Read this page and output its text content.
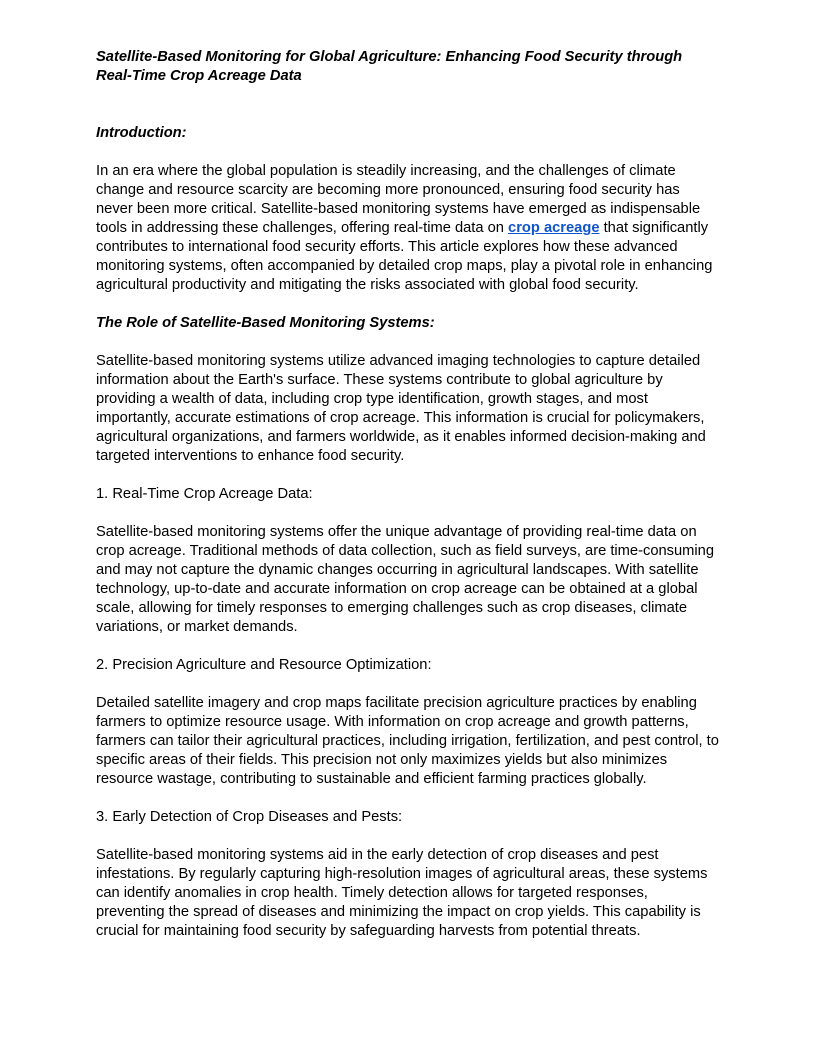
Satellite-Based Monitoring for Global Agriculture: Enhancing Food Security through Real-Time Crop Acreage Data
Introduction:

In an era where the global population is steadily increasing, and the challenges of climate change and resource scarcity are becoming more pronounced, ensuring food security has never been more critical. Satellite-based monitoring systems have emerged as indispensable tools in addressing these challenges, offering real-time data on crop acreage that significantly contributes to international food security efforts. This article explores how these advanced monitoring systems, often accompanied by detailed crop maps, play a pivotal role in enhancing agricultural productivity and mitigating the risks associated with global food security.

The Role of Satellite-Based Monitoring Systems:

Satellite-based monitoring systems utilize advanced imaging technologies to capture detailed information about the Earth's surface. These systems contribute to global agriculture by providing a wealth of data, including crop type identification, growth stages, and most importantly, accurate estimations of crop acreage. This information is crucial for policymakers, agricultural organizations, and farmers worldwide, as it enables informed decision-making and targeted interventions to enhance food security.

1. Real-Time Crop Acreage Data:

Satellite-based monitoring systems offer the unique advantage of providing real-time data on crop acreage. Traditional methods of data collection, such as field surveys, are time-consuming and may not capture the dynamic changes occurring in agricultural landscapes. With satellite technology, up-to-date and accurate information on crop acreage can be obtained at a global scale, allowing for timely responses to emerging challenges such as crop diseases, climate variations, or market demands.

2. Precision Agriculture and Resource Optimization:

Detailed satellite imagery and crop maps facilitate precision agriculture practices by enabling farmers to optimize resource usage. With information on crop acreage and growth patterns, farmers can tailor their agricultural practices, including irrigation, fertilization, and pest control, to specific areas of their fields. This precision not only maximizes yields but also minimizes resource wastage, contributing to sustainable and efficient farming practices globally.

3. Early Detection of Crop Diseases and Pests:

Satellite-based monitoring systems aid in the early detection of crop diseases and pest infestations. By regularly capturing high-resolution images of agricultural areas, these systems can identify anomalies in crop health. Timely detection allows for targeted responses, preventing the spread of diseases and minimizing the impact on crop yields. This capability is crucial for maintaining food security by safeguarding harvests from potential threats.
